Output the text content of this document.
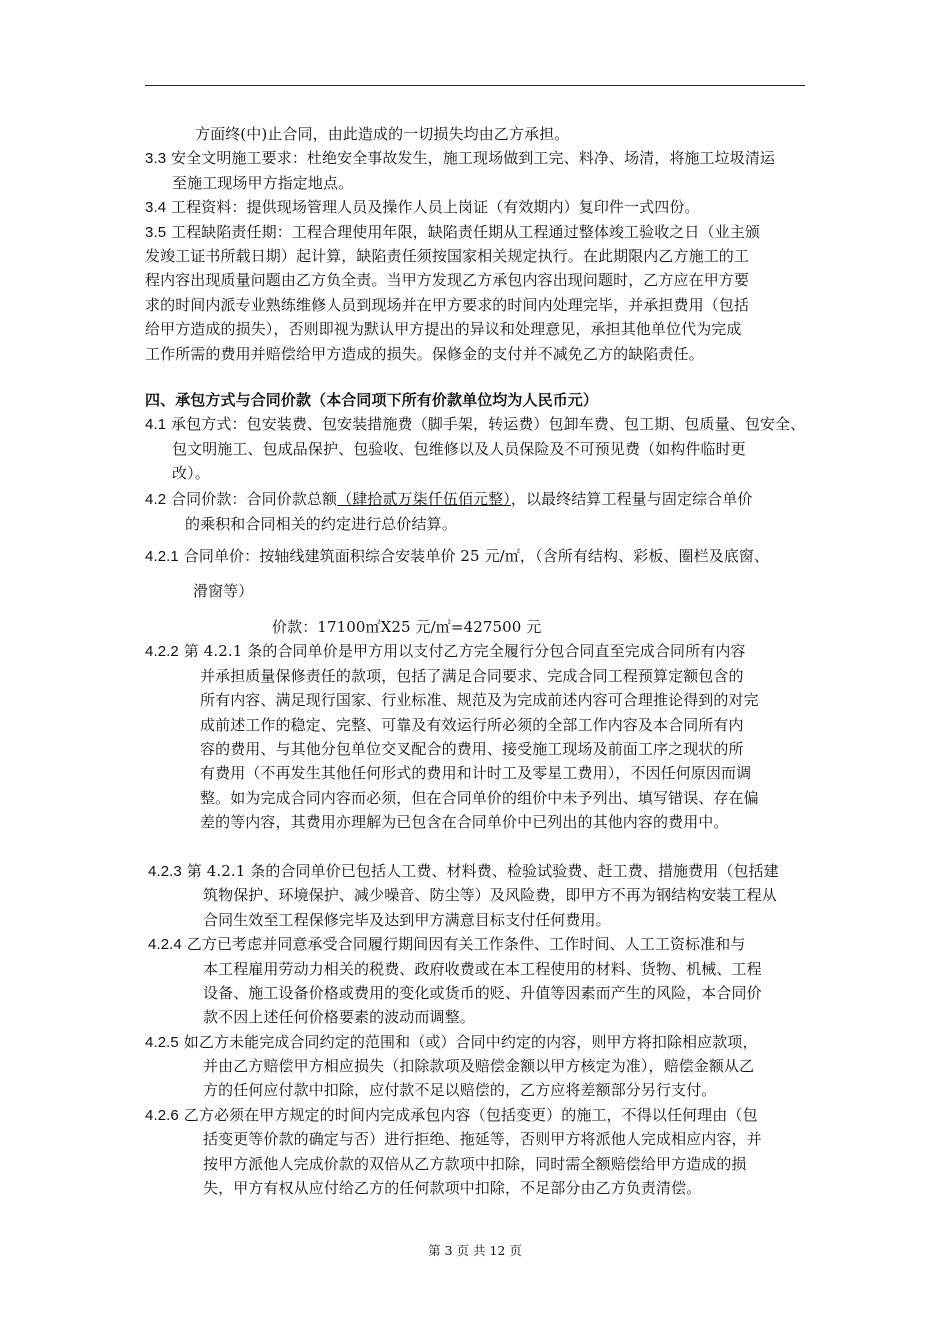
方面终(中)止合同，由此造成的一切损失均由乙方承担。
3.3 安全文明施工要求：杜绝安全事故发生，施工现场做到工完、料净、场清，将施工垃圾清运
至施工现场甲方指定地点。
3.4 工程资料：提供现场管理人员及操作人员上岗证（有效期内）复印件一式四份。
3.5 工程缺陷责任期：工程合理使用年限，缺陷责任期从工程通过整体竣工验收之日（业主颁
发竣工证书所载日期）起计算，缺陷责任须按国家相关规定执行。在此期限内乙方施工的工
程内容出现质量问题由乙方负全责。当甲方发现乙方承包内容出现问题时，乙方应在甲方要
求的时间内派专业熟练维修人员到现场并在甲方要求的时间内处理完毕，并承担费用（包括
给甲方造成的损失），否则即视为默认甲方提出的异议和处理意见，承担其他单位代为完成
工作所需的费用并赔偿给甲方造成的损失。保修金的支付并不减免乙方的缺陷责任。
四、承包方式与合同价款（本合同项下所有价款单位均为人民币元）
4.1 承包方式：包安装费、包安装措施费（脚手架，转运费）包卸车费、包工期、包质量、包安全、
包文明施工、包成品保护、包验收、包维修以及人员保险及不可预见费（如构件临时更
改）。
4.2 合同价款：合同价款总额（肆拾贰万柒仟伍佰元整），以最终结算工程量与固定综合单价
的乘积和合同相关的约定进行总价结算。
4.2.1 合同单价：按轴线建筑面积综合安装单价 25 元/㎡，（含所有结构、彩板、圈栏及底窗、
滑窗等）
价款：17100㎡X25 元/㎡=427500 元
4.2.2 第 4.2.1 条的合同单价是甲方用以支付乙方完全履行分包合同直至完成合同所有内容
并承担质量保修责任的款项，包括了满足合同要求、完成合同工程预算定额包含的
所有内容、满足现行国家、行业标准、规范及为完成前述内容可合理推论得到的对完
成前述工作的稳定、完整、可靠及有效运行所必须的全部工作内容及本合同所有内
容的费用、与其他分包单位交叉配合的费用、接受施工现场及前面工序之现状的所
有费用（不再发生其他任何形式的费用和计时工及零星工费用），不因任何原因而调
整。如为完成合同内容而必须，但在合同单价的组价中未予列出、填写错误、存在偏
差的等内容，其费用亦理解为已包含在合同单价中已列出的其他内容的费用中。
4.2.3 第 4.2.1 条的合同单价已包括人工费、材料费、检验试验费、赶工费、措施费用（包括建
筑物保护、环境保护、减少噪音、防尘等）及风险费，即甲方不再为钢结构安装工程从
合同生效至工程保修完毕及达到甲方满意目标支付任何费用。
4.2.4 乙方已考虑并同意承受合同履行期间因有关工作条件、工作时间、人工工资标准和与
本工程雇用劳动力相关的税费、政府收费或在本工程使用的材料、货物、机械、工程
设备、施工设备价格或费用的变化或货币的贬、升值等因素而产生的风险，本合同价
款不因上述任何价格要素的波动而调整。
4.2.5 如乙方未能完成合同约定的范围和（或）合同中约定的内容，则甲方将扣除相应款项，
并由乙方赔偿甲方相应损失（扣除款项及赔偿金额以甲方核定为准），赔偿金额从乙
方的任何应付款中扣除，应付款不足以赔偿的，乙方应将差额部分另行支付。
4.2.6 乙方必须在甲方规定的时间内完成承包内容（包括变更）的施工，不得以任何理由（包
括变更等价款的确定与否）进行拒绝、拖延等，否则甲方将派他人完成相应内容，并
按甲方派他人完成价款的双倍从乙方款项中扣除，同时需全额赔偿给甲方造成的损
失，甲方有权从应付给乙方的任何款项中扣除，不足部分由乙方负责清偿。
第 3 页 共 12 页
